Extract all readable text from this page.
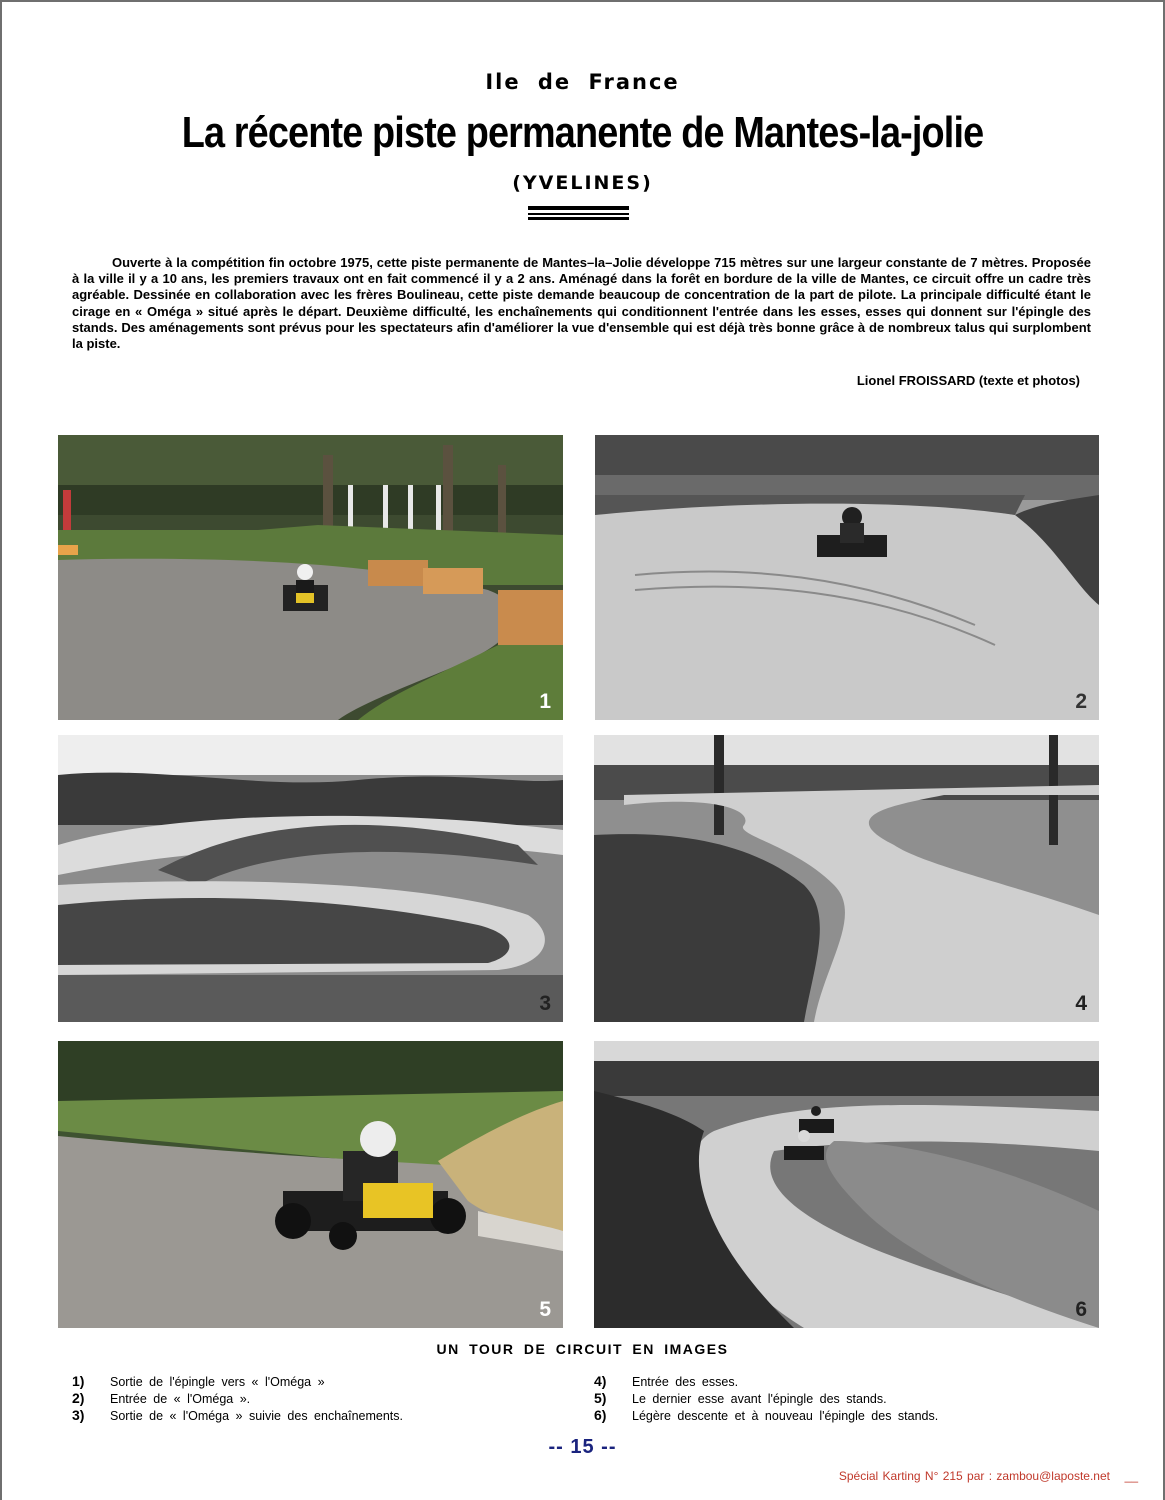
Ile de France
La récente piste permanente de Mantes-la-jolie
(YVELINES)

Ouverte à la compétition fin octobre 1975, cette piste permanente de Mantes–la–Jolie développe 715 mètres sur une largeur constante de 7 mètres. Proposée à la ville il y a 10 ans, les premiers travaux ont en fait commencé il y a 2 ans. Aménagé dans la forêt en bordure de la ville de Mantes, ce circuit offre un cadre très agréable. Dessinée en collaboration avec les frères Boulineau, cette piste demande beaucoup de concentration de la part de pilote. La principale difficulté étant le cirage en « Oméga » situé après le départ. Deuxième difficulté, les enchaînements qui conditionnent l'entrée dans les esses, esses qui donnent sur l'épingle des stands. Des aménagements sont prévus pour les spectateurs afin d'améliorer la vue d'ensemble qui est déjà très bonne grâce à de nombreux talus qui surplombent la piste.

Lionel FROISSARD (texte et photos)
1	2
3	4
5	6
UN TOUR DE CIRCUIT EN IMAGES
1)	Sortie de l'épingle vers « l'Oméga »
2)	Entrée de « l'Oméga ».
3)	Sortie de « l'Oméga » suivie des enchaînements.
4)	Entrée des esses.
5)	Le dernier esse avant l'épingle des stands.
6)	Légère descente et à nouveau l'épingle des stands.
-- 15 --
Spécial Karting N° 215 par : zambou@laposte.net __
